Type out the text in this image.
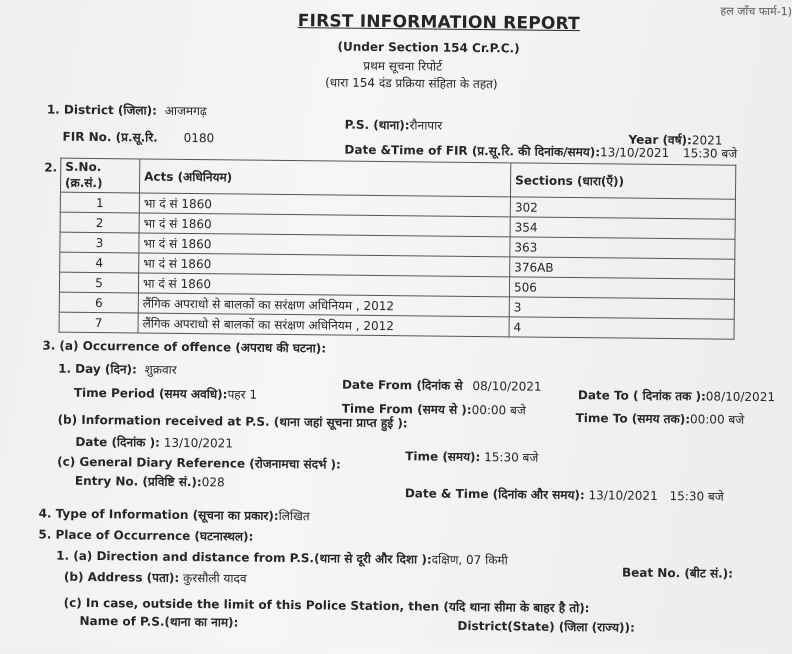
हल जाँच फार्म-1)
FIRST INFORMATION REPORT
(Under Section 154 Cr.P.C.)
प्रथम सूचना रिपोर्ट
(धारा 154 दंड प्रक्रिया संहिता के तहत)
1. District (जिला): आजमगढ़
P.S. (थाना):रौनापार
FIR No. (प्र.सू.रि. 0180	Year (वर्ष):2021
Date &Time of FIR (प्र.सू.रि. की दिनांक/समय):13/10/2021 15:30 बजे
2. S.No. (क्र.सं.)	Acts (अधिनियम)	Sections (धारा(एँ))
1	भा दं सं 1860	302
2	भा दं सं 1860	354
3	भा दं सं 1860	363
4	भा दं सं 1860	376AB
5	भा दं सं 1860	506
6	लैंगिक अपराधो से बालकों का सरंक्षण अधिनियम , 2012	3
7	लैंगिक अपराधो से बालकों का सरंक्षण अधिनियम , 2012	4
3. (a) Occurrence of offence (अपराध की घटना):
1. Day (दिन): शुक्रवार
Date From (दिनांक से 08/10/2021
Date To ( दिनांक तक ):08/10/2021
Time Period (समय अवधि):पहर 1
Time From (समय से ):00:00 बजे
Time To (समय तक):00:00 बजे
(b) Information received at P.S. (थाना जहां सूचना प्राप्त हुई ):
Date (दिनांक ): 13/10/2021
Time (समय): 15:30 बजे
(c) General Diary Reference (रोजनामचा संदर्भ ):
Entry No. (प्रविष्टि सं.):028
Date & Time (दिनांक और समय): 13/10/2021 15:30 बजे
4. Type of Information (सूचना का प्रकार):लिखित
5. Place of Occurrence (घटनास्थल):
1. (a) Direction and distance from P.S.(थाना से दूरी और दिशा ):दक्षिण, 07 किमी
Beat No. (बीट सं.):
(b) Address (पता): कुरसौली यादव
(c) In case, outside the limit of this Police Station, then (यदि थाना सीमा के बाहर है तो):
Name of P.S.(थाना का नाम):	District(State) (जिला (राज्य)):
